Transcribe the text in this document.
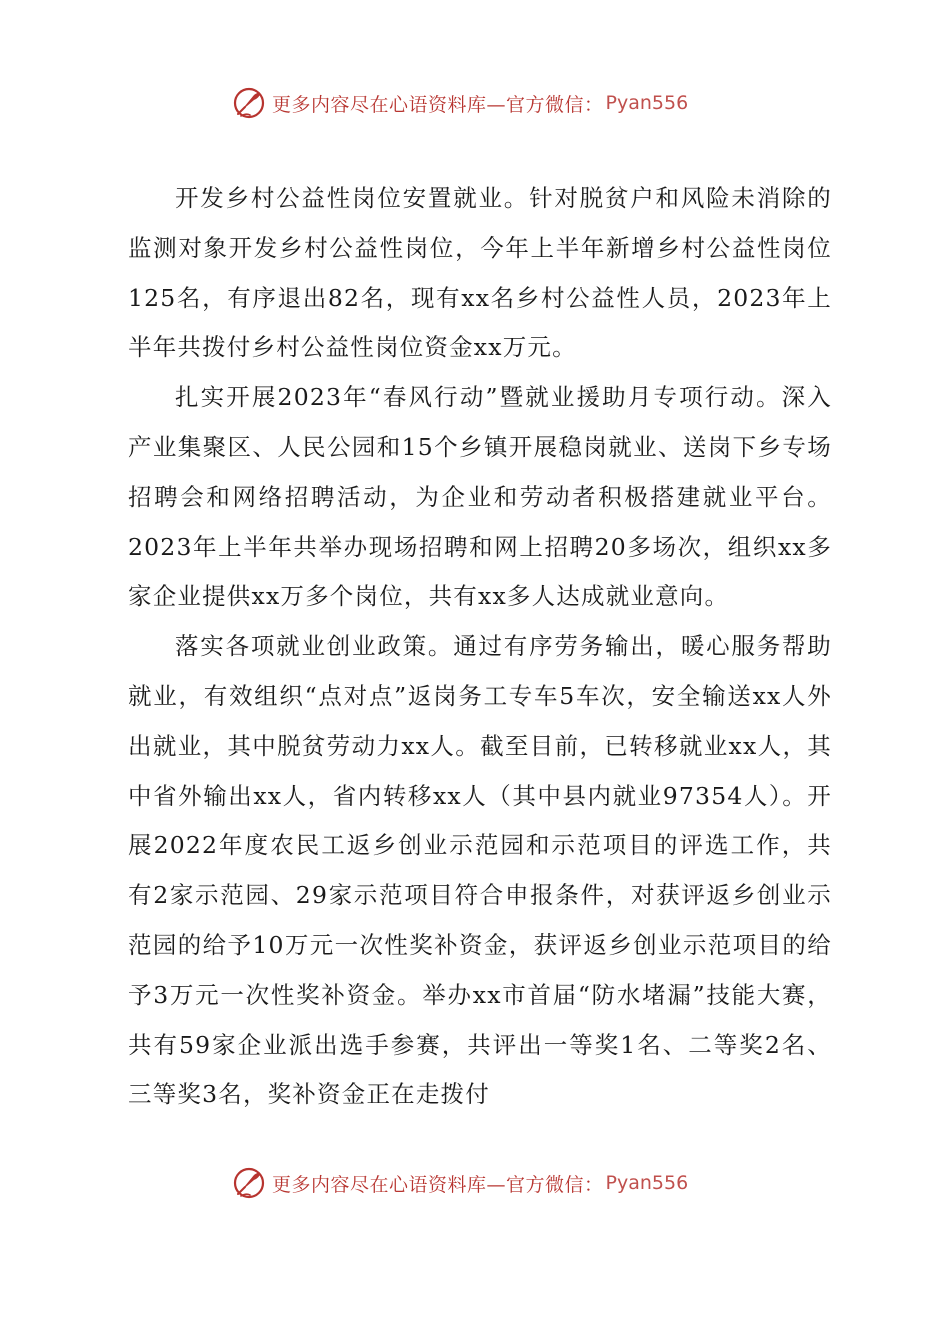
更多内容尽在心语资料库—官方微信： Pyan556

开发乡村公益性岗位安置就业。针对脱贫户和风险未消除的监测对象开发乡村公益性岗位，今年上半年新增乡村公益性岗位125名，有序退出82名，现有xx名乡村公益性人员，2023年上半年共拨付乡村公益性岗位资金xx万元。

扎实开展2023年“春风行动”暨就业援助月专项行动。深入产业集聚区、人民公园和15个乡镇开展稳岗就业、送岗下乡专场招聘会和网络招聘活动，为企业和劳动者积极搭建就业平台。2023年上半年共举办现场招聘和网上招聘20多场次，组织xx多家企业提供xx万多个岗位，共有xx多人达成就业意向。

落实各项就业创业政策。通过有序劳务输出，暖心服务帮助就业，有效组织“点对点”返岗务工专车5车次，安全输送xx人外出就业，其中脱贫劳动力xx人。截至目前，已转移就业xx人，其中省外输出xx人，省内转移xx人（其中县内就业97354人）。开展2022年度农民工返乡创业示范园和示范项目的评选工作，共有2家示范园、29家示范项目符合申报条件，对获评返乡创业示范园的给予10万元一次性奖补资金，获评返乡创业示范项目的给予3万元一次性奖补资金。举办xx市首届“防水堵漏”技能大赛，共有59家企业派出选手参赛，共评出一等奖1名、二等奖2名、三等奖3名，奖补资金正在走拨付

更多内容尽在心语资料库—官方微信： Pyan556
